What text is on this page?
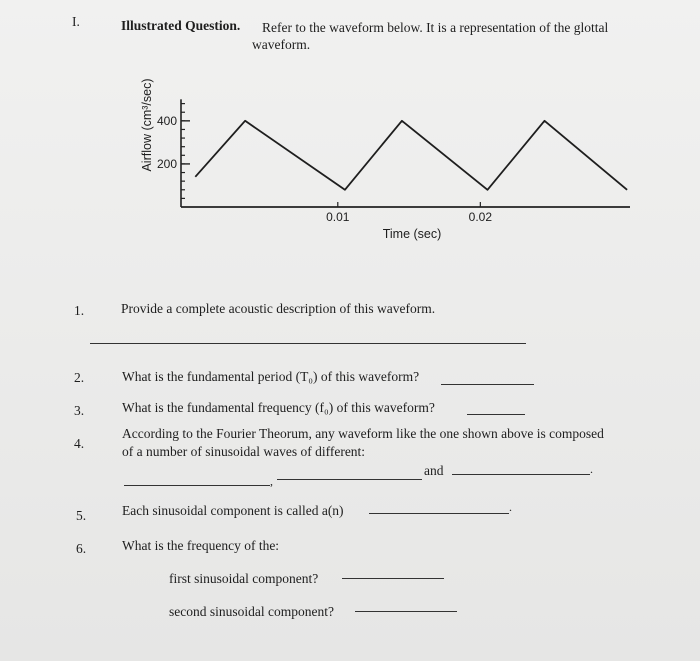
I.	Illustrated Question. Refer to the waveform below. It is a representation of the glottal
waveform.
200
400
0.01	0.02
Time (sec)
Airflow (cm³/sec)
1.	Provide a complete acoustic description of this waveform.
2.	What is the fundamental period (T₀) of this waveform?
3.	What is the fundamental frequency (f₀) of this waveform?
4.
According to the Fourier Theorum, any waveform like the one shown above is composed
of a number of sinusoidal waves of different:
and
,
.
5.	Each sinusoidal component is called a(n)	.
6.	What is the frequency of the:
first sinusoidal component?
second sinusoidal component?
